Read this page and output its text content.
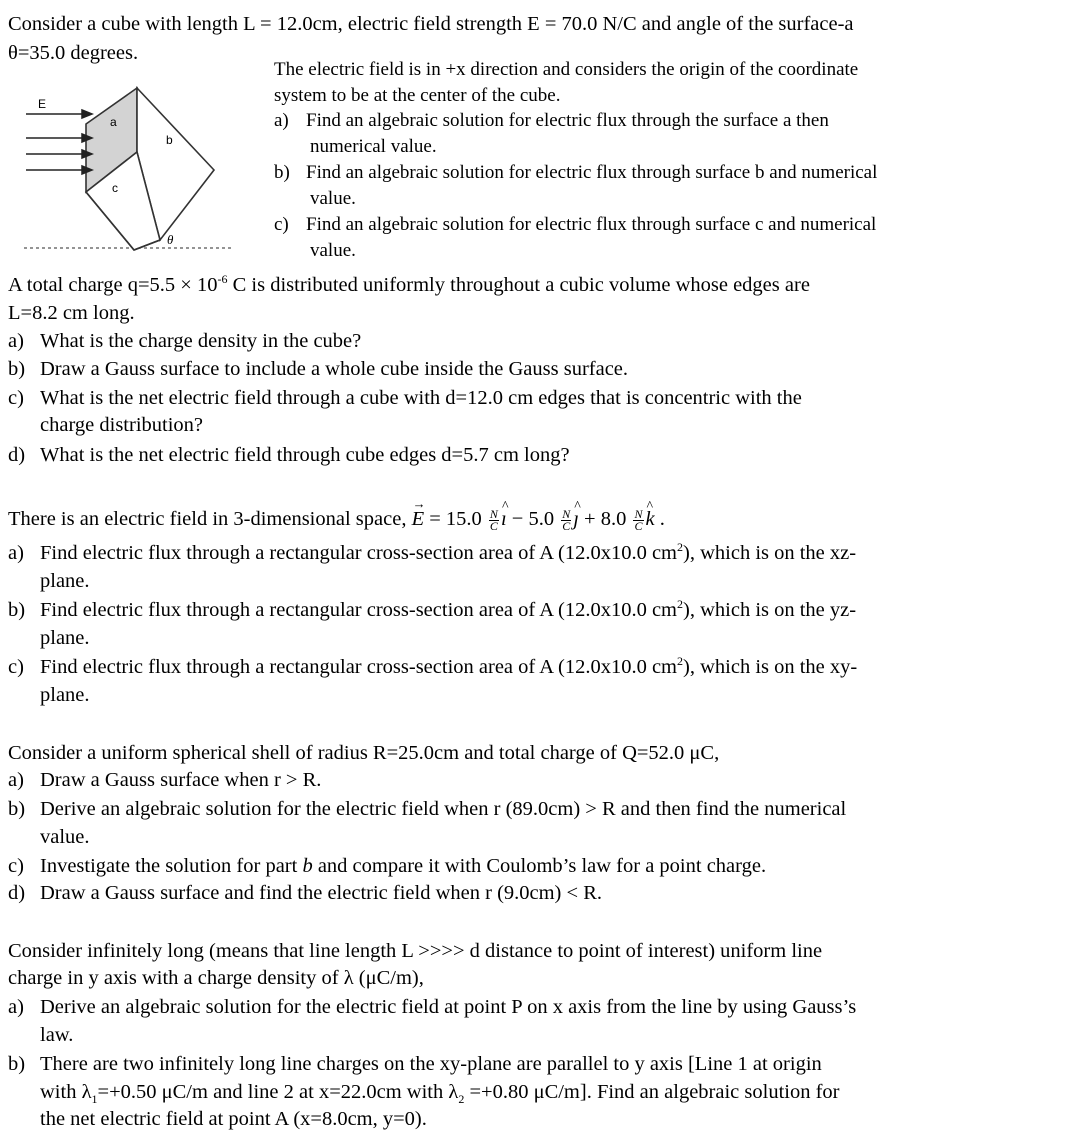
Consider a cube with length L = 12.0cm, electric field strength E = 70.0 N/C and angle of the surface-a
θ=35.0 degrees.
E
a
b
c
θ
The electric field is in +x direction and considers the origin of the coordinate
system to be at the center of the cube.
a) Find an algebraic solution for electric flux through the surface a then
numerical value.
b) Find an algebraic solution for electric flux through surface b and numerical
value.
c) Find an algebraic solution for electric flux through surface c and numerical
value.
A total charge $q=5.5 \times 10^{-6}$ C is distributed uniformly throughout a cubic volume whose edges are
L=8.2 cm long.
a) What is the charge density in the cube?
b) Draw a Gauss surface to include a whole cube inside the Gauss surface.
c) What is the net electric field through a cube with d=12.0 cm edges that is concentric with the
charge distribution?
d) What is the net electric field through cube edges d=5.7 cm long?
There is an electric field in 3-dimensional space, → $E = 15.0 \frac{N}{C}$ ^ ı − $5.0 \frac{N}{C}$ ^ ȷ + $8.0 \frac{N}{C}$ ^ k .
a) Find electric flux through a rectangular cross-section area of A (12.0x10.0 $cm^2$), which is on the xz-
plane.
b) Find electric flux through a rectangular cross-section area of A (12.0x10.0 $cm^2$), which is on the yz-
plane.
c) Find electric flux through a rectangular cross-section area of A (12.0x10.0 $cm^2$), which is on the xy-
plane.
Consider a uniform spherical shell of radius R=25.0cm and total charge of Q=52.0 μC,
a) Draw a Gauss surface when r > R.
b) Derive an algebraic solution for the electric field when r (89.0cm) > R and then find the numerical
value.
c) Investigate the solution for part b and compare it with Coulomb’s law for a point charge.
d) Draw a Gauss surface and find the electric field when r (9.0cm) < R.
Consider infinitely long (means that line length L >>>> d distance to point of interest) uniform line
charge in y axis with a charge density of λ (μC/m),
a) Derive an algebraic solution for the electric field at point P on x axis from the line by using Gauss’s
law.
b) There are two infinitely long line charges on the xy-plane are parallel to y axis [Line 1 at origin
with $\lambda_1=+0.50$ μC/m and line 2 at x=22.0cm with $\lambda_2 =+0.80$ μC/m]. Find an algebraic solution for
the net electric field at point A (x=8.0cm, y=0).
